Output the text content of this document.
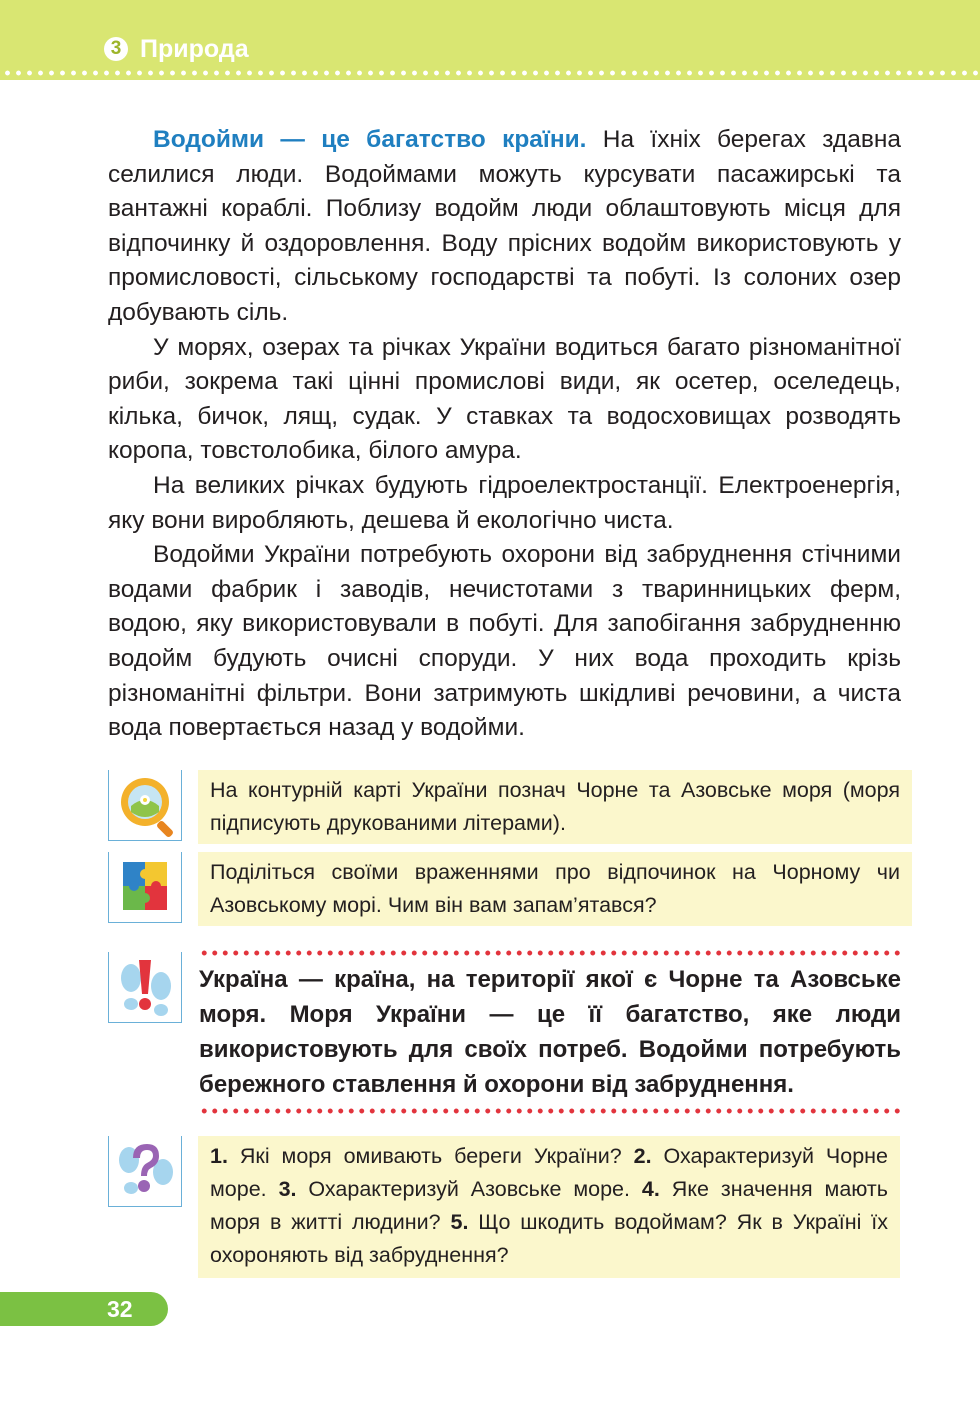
3 Природа

Водойми — це багатство країни. На їхніх берегах здавна селилися люди. Водоймами можуть курсувати пасажирські та вантажні кораблі. Поблизу водойм люди облаштовують місця для відпочинку й оздоровлення. Воду прісних водойм використовують у промисловості, сільському господарстві та побуті. Із солоних озер добувають сіль.

У морях, озерах та річках України водиться багато різноманітної риби, зокрема такі цінні промислові види, як осетер, оселедець, кілька, бичок, лящ, судак. У ставках та водосховищах розводять коропа, товстолобика, білого амура.

На великих річках будують гідроелектростанції. Електроенергія, яку вони виробляють, дешева й екологічно чиста.

Водойми України потребують охорони від забруднення стічними водами фабрик і заводів, нечистотами з тваринницьких ферм, водою, яку використовували в побуті. Для запобігання забрудненню водойм будують очисні споруди. У них вода проходить крізь різноманітні фільтри. Вони затримують шкідливі речовини, а чиста вода повертається назад у водойми.

На контурній карті України познач Чорне та Азовське моря (моря підписують друкованими літерами).
Поділіться своїми враженнями про відпочинок на Чорному чи Азовському морі. Чим він вам запам’ятався?
Україна — країна, на території якої є Чорне та Азовське моря. Моря України — це її багатство, яке люди використовують для своїх потреб. Водойми потребують бережного ставлення й охорони від забруднення.
1. Які моря омивають береги України? 2. Охарактеризуй Чорне море. 3. Охарактеризуй Азовське море. 4. Яке значення мають моря в житті людини? 5. Що шкодить водоймам? Як в Україні їх охороняють від забруднення?
32
